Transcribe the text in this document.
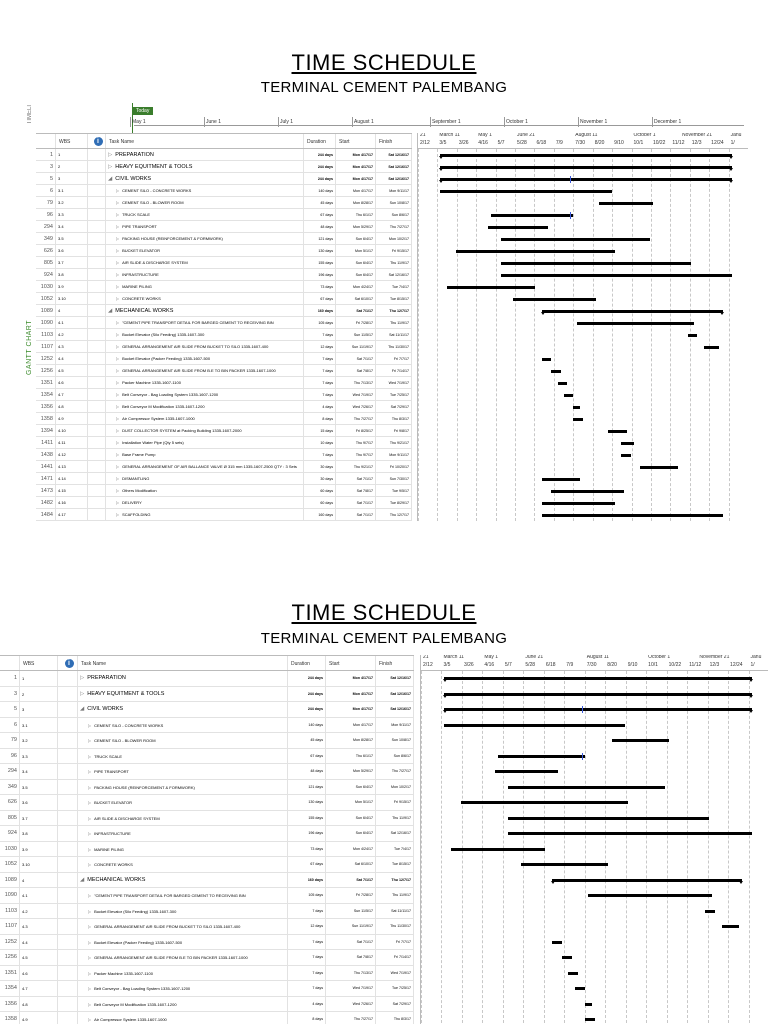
TIME SCHEDULE
TERMINAL CEMENT PALEMBANG
TIMELI	Today
May 1	June 1	July 1	August 1	September 1	October 1	November 1	December 1
GANTT CHART
WBS	i	Task Name	Duration	Start	Finish
1	1	▷ PREPARATION	244 days	Mon 4/17/17	Sat 12/16/17
3	2	▷ HEAVY EQUITMENT & TOOLS	244 days	Mon 4/17/17	Sat 12/16/17
5	3	◢ CIVIL WORKS	244 days	Mon 4/17/17	Sat 12/16/17
6	3.1	▷ CEMENT SILO - CONCRETE WORKS	140 days	Mon 4/17/17	Mon 9/11/17
79	3.2	▷ CEMENT SILO - BLOWER ROOM	45 days	Mon 8/28/17	Sun 10/8/17
96	3.3	▷ TRUCK SCALE	67 days	Thu 6/1/17	Sun 8/6/17
294	3.4	▷ PIPE TRANSPORT	48 days	Mon 5/29/17	Thu 7/27/17
349	3.5	▷ PACKING HOUSE (REINFORCEMENT & FORMWORK)	121 days	Sun 6/4/17	Mon 10/2/17
626	3.6	▷ BUCKET ELEVATOR	130 days	Mon 5/1/17	Fri 9/15/17
805	3.7	▷ AIR SLIDE & DISCHARGE SYSTEM	155 days	Sun 6/4/17	Thu 11/9/17
924	3.8	▷ INFRASTRUCTURE	196 days	Sun 6/4/17	Sat 12/16/17
1030	3.9	▷ MARINE PILING	73 days	Mon 4/24/17	Tue 7/4/17
1052	3.10	▷ CONCRETE WORKS	67 days	Sat 6/10/17	Tue 8/15/17
1089	4	◢ MECHANICAL WORKS	160 days	Sat 7/1/17	Thu 12/7/17
1090	4.1	▷ "CEMENT PIPE TRANSPORT DETAIL FOR BARGED CEMENT TO RECEIVING BIN	105 days	Fri 7/28/17	Thu 11/9/17
1103	4.2	▷ Bucket Elevator (Silo Feeding) 1335-1607-300	7 days	Sun 11/5/17	Sat 11/11/17
1107	4.3	▷ GENERAL ARRANGEMENT AIR SLIDE FROM BUCKET TO SILO 1335-1607-400	12 days	Sun 11/19/17	Thu 11/30/17
1252	4.4	▷ Bucket Elevator (Packer Feeding) 1335-1607-500	7 days	Sat 7/1/17	Fri 7/7/17
1256	4.5	▷ GENERAL ARRANGEMENT AIR SLIDE FROM B.E TO BIN PACKER 1335-1607-1000	7 days	Sat 7/8/17	Fri 7/14/17
1351	4.6	▷ Packer Machine 1335-1607-1100	7 days	Thu 7/13/17	Wed 7/19/17
1354	4.7	▷ Belt Conveyor - Bag Loading System 1335-1607-1200	7 days	Wed 7/19/17	Tue 7/25/17
1356	4.8	▷ Belt Conveyor M Modification 1335-1607-1200	4 days	Wed 7/26/17	Sat 7/29/17
1358	4.9	▷ Air Compressor System 1335-1607-1000	8 days	Thu 7/27/17	Thu 8/3/17
1394	4.10	▷ DUST COLLECTOR SYSTEM at Packing Building 1335-1607-2000	15 days	Fri 8/25/17	Fri 9/8/17
1411	4.11	▷ Installation Water Pipe (Qty 5 sets)	10 days	Thu 9/7/17	Thu 9/21/17
1438	4.12	▷ Base Frame Pump	7 days	Thu 9/7/17	Mon 9/11/17
1441	4.13	▷ GENERAL ARRANGEMENT OF AIR BALLANCE VALVE Ø 315 mm 1335-1607-2500 QTY : 3 Sets	30 days	Thu 9/21/17	Fri 10/20/17
1471	4.14	▷ DISMANTLING	30 days	Sat 7/1/17	Sun 7/30/17
1473	4.15	▷ Others Modification	60 days	Sat 7/8/17	Tue 9/5/17
1482	4.16	▷ DELIVERY	60 days	Sat 7/1/17	Tue 8/29/17
1484	4.17	▷ SCAFFOLDING	160 days	Sat 7/1/17	Thu 12/7/17
21	March 11	May 1	June 21	August 11	October 1	November 21	Janu
2/12 3/5 3/26 4/16 5/7 5/28 6/18 7/9 7/30 8/20 9/10 10/1 10/22 11/12 12/3 12/24 1/
TIME SCHEDULE
TERMINAL CEMENT PALEMBANG
WBS	i	Task Name	Duration	Start	Finish
1	1	▷ PREPARATION	244 days	Mon 4/17/17	Sat 12/16/17
3	2	▷ HEAVY EQUITMENT & TOOLS	244 days	Mon 4/17/17	Sat 12/16/17
5	3	◢ CIVIL WORKS	244 days	Mon 4/17/17	Sat 12/16/17
6	3.1	▷ CEMENT SILO - CONCRETE WORKS	140 days	Mon 4/17/17	Mon 9/11/17
79	3.2	▷ CEMENT SILO - BLOWER ROOM	45 days	Mon 8/28/17	Sun 10/8/17
96	3.3	▷ TRUCK SCALE	67 days	Thu 6/1/17	Sun 8/6/17
294	3.4	▷ PIPE TRANSPORT	48 days	Mon 5/29/17	Thu 7/27/17
349	3.5	▷ PACKING HOUSE (REINFORCEMENT & FORMWORK)	121 days	Sun 6/4/17	Mon 10/2/17
626	3.6	▷ BUCKET ELEVATOR	130 days	Mon 5/1/17	Fri 9/15/17
805	3.7	▷ AIR SLIDE & DISCHARGE SYSTEM	155 days	Sun 6/4/17	Thu 11/9/17
924	3.8	▷ INFRASTRUCTURE	196 days	Sun 6/4/17	Sat 12/16/17
1030	3.9	▷ MARINE PILING	73 days	Mon 4/24/17	Tue 7/4/17
1052	3.10	▷ CONCRETE WORKS	67 days	Sat 6/10/17	Tue 8/15/17
1089	4	◢ MECHANICAL WORKS	160 days	Sat 7/1/17	Thu 12/7/17
1090	4.1	▷ "CEMENT PIPE TRANSPORT DETAIL FOR BARGED CEMENT TO RECEIVING BIN	105 days	Fri 7/28/17	Thu 11/9/17
1103	4.2	▷ Bucket Elevator (Silo Feeding) 1335-1607-300	7 days	Sun 11/5/17	Sat 11/11/17
1107	4.3	▷ GENERAL ARRANGEMENT AIR SLIDE FROM BUCKET TO SILO 1335-1607-400	12 days	Sun 11/19/17	Thu 11/30/17
1252	4.4	▷ Bucket Elevator (Packer Feeding) 1335-1607-500	7 days	Sat 7/1/17	Fri 7/7/17
1256	4.5	▷ GENERAL ARRANGEMENT AIR SLIDE FROM B.E TO BIN PACKER 1335-1607-1000	7 days	Sat 7/8/17	Fri 7/14/17
1351	4.6	▷ Packer Machine 1335-1607-1100	7 days	Thu 7/13/17	Wed 7/19/17
1354	4.7	▷ Belt Conveyor - Bag Loading System 1335-1607-1200	7 days	Wed 7/19/17	Tue 7/25/17
1356	4.8	▷ Belt Conveyor M Modification 1335-1607-1200	4 days	Wed 7/26/17	Sat 7/29/17
1358	4.9	▷ Air Compressor System 1335-1607-1000	8 days	Thu 7/27/17	Thu 8/3/17
21	March 11	May 1	June 21	August 11	October 1	November 21	Janu
2/12 3/5	3/26 4/16 5/7	5/28 6/18 7/9	7/30 8/20 9/10 10/1 10/22 11/12 12/3 12/24 1/
